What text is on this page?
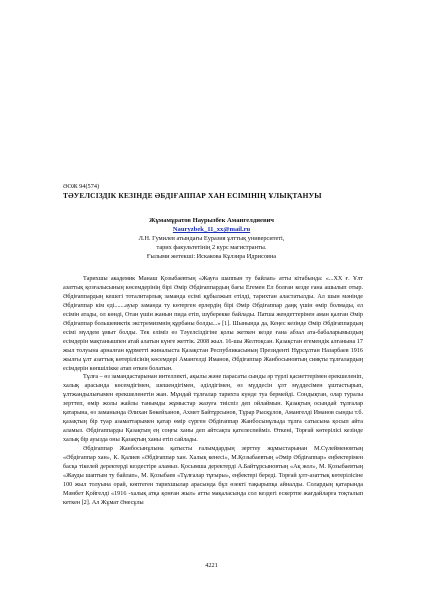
ӘОЖ 94(574)
ТӘУЕЛСІЗДІК КЕЗІНДЕ ӘБДІҒАППАР ХАН ЕСІМІНІҢ ҰЛЫҚТАНУЫ
Жұмамұратов Наурызбек Амангелдиевич
Nauryzbek_11_xx@mail.ru
Л.Н. Гумилев атындағы Еуразия ұлттық университеті,
тарих факультетінің 2 курс магистранты.
Ғылыми жетекші: Искакова Кұлзира Идрисовна

Тарихшы академик Манаш Қозыбаевтың «Жауға шаппын ту байлап» атты кітабында: «...XX ғ. Ұлт азаттық қозғалысының көсемдерінің бірі Әмір Әбдіғаппардың бағы Егемен Ел болған кезде ғана ашылып отыр. Әбдіғаппардың кешегі тоталитарлық заманда есімі құбылжып етілді, тарихтан аластатылды. Ал шын мәнінде Әбдіғаппар кім еді.......ауыр заманда ту көтерген ерлердің бірі Әмір Әбдіғаппар даңқ үшін өмір болмады, ел есімін атады, ол көнді, Отан үшін жанын пида етіп, шүберекке байлады. Патша жендеттерінен аман қалған Әмір Әбдіғаппар большевиктік экстремизмнің құрбаны болды...» [1]. Шынында да, Кеңес кезінде Әмір Әбдіғаппардың есімі мүлдем ұмыт болды. Тек еліміз өз Тәуелсіздігіне қолы жеткен кезде ғана абзал ата-бабаларымыздың есімдерін мақтанышпен атай алатын күнге жеттік. 2008 жыл. 16-шы Желтоқсан. Қазақстан егемендік алғанына 17 жыл толуына арналған құрметті жиналыста Қазақстан Республикасының Президенті Нұрсұлтан Назарбаев 1916 жылғы ұлт азаттық көтерілісінің көсемдері Амангелді Иманов, Әбдіғаппар Жанбосыновтың сияқты тұлғалардың есімдерін көпшілікке атап өткен болатын.

Тұлға – өз замандастарынан интеллекті, ақылы және парасаты сынды әр түрлі қасиеттерімен ерекшеленіп, халық арасында көсемдігімен, шешендігімен, әділдігімен, өз мүддесін ұлт мүддесімен ұштастырып, ұлтжандылығымен ерекшеленетін жан. Мұндай тұлғалар тарихта күнде туа бермейді. Сондықтан, олар туралы зерттеп, өмір жолы жайлы танымды жұмыстар жазуға тиіспіз деп ойлаймын. Қазақтың осындай тұлғалар қатарына, өз заманында Әлихан Бөкейханов, Ахмет Байтұрсынов, Тұрар Рысқұлов, Амангелді Иманов сынды т.б. қазақтың бір туар азаматтарымен қатар өмір сүрген Әбдіғаппар Жанбосынұлыда тұлға сатысына қосып айта аламыз. Әбдіғаппарды Қазақтың ең соңғы ханы деп айтсақта қателеспейміз. Өткені, Торғай көтерілісі кезінде халық бір ауызда оны Қазақтың ханы етіп сайлады.

Әбдіғаппар Жанбосынұлына қатысты ғалымдардың зерттеу жұмыстарынан М.Сүлейменовтың «Әбдіғаппар хан», К. Қалиев «Әбдіғаппар хан. Халық кенесі», М.Қозыбаевтың «Әмір Әбдіғаппар» еңбектерімен басқа тікелей деректерді кездестіре аламыз. Қосымша деректерді А.Байтұрсыновтың «Ақ жол», М. Қозыбаевтың «Жауды шаптым ту байлап», М. Қозыбаев «Тұлғалар тұғыры», еңбектері береді. Торғай ұлт-азаттық көтерілісіне 100 жыл толуына орай, көптеген тарихшылар арасында бұл өзекті тақырыпқа айналды. Солардың қатарында Мәмбет Қойгелді «1916 -халық атқа қонған жыл» атты мақаласында сол кездегі ескертпе жағдайларға тоқталып кеткен [2]. Ал Жұмат Әнесұлы

4221
